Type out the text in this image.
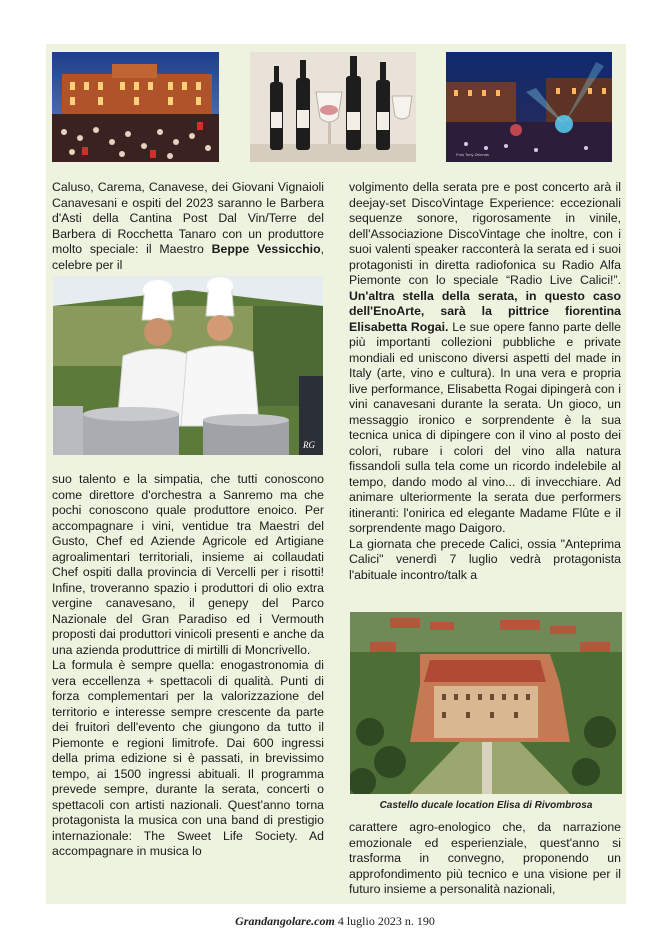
Foto Tony Zeinnas
RG

Caluso, Carema, Canavese, dei Giovani Vignaioli Canavesani e ospiti del 2023 saranno le Barbera d'Asti della Cantina Post Dal Vin/Terre del Barbera di Rocchetta Tanaro con un produttore molto speciale: il Maestro Beppe Vessicchio, celebre per il

suo talento e la simpatia, che tutti conoscono come direttore d'orchestra a Sanremo ma che pochi conoscono quale produttore enoico. Per accompagnare i vini, ventidue tra Maestri del Gusto, Chef ed Aziende Agricole ed Artigiane agroalimentari territoriali, insieme ai collaudati Chef ospiti dalla provincia di Vercelli per i risotti! Infine, troveranno spazio i produttori di olio extra vergine canavesano, il genepy del Parco Nazionale del Gran Paradiso ed i Vermouth proposti dai produttori vinicoli presenti e anche da una azienda produttrice di mirtilli di Moncrivello.

La formula è sempre quella: enogastronomia di vera eccellenza + spettacoli di qualità. Punti di forza complementari per la valorizzazione del territorio e interesse sempre crescente da parte dei fruitori dell'evento che giungono da tutto il Piemonte e regioni limitrofe. Dai 600 ingressi della prima edizione si è passati, in brevissimo tempo, ai 1500 ingressi abituali. Il programma prevede sempre, durante la serata, concerti o spettacoli con artisti nazionali. Quest'anno torna protagonista la musica con una band di prestigio internazionale: The Sweet Life Society. Ad accompagnare in musica lo

volgimento della serata pre e post concerto arà il deejay-set DiscoVintage Experience: eccezionali sequenze sonore, rigorosamente in vinile, dell'Associazione DiscoVintage che inoltre, con i suoi valenti speaker racconterà la serata ed i suoi protagonisti in diretta radiofonica su Radio Alfa Piemonte con lo speciale “Radio Live Calici!”. Un'altra stella della serata, in questo caso dell'EnoArte, sarà la pittrice fiorentina Elisabetta Rogai. Le sue opere fanno parte delle più importanti collezioni pubbliche e private mondiali ed uniscono diversi aspetti del made in Italy (arte, vino e cultura). In una vera e propria live performance, Elisabetta Rogai dipingerà con i vini canavesani durante la serata. Un gioco, un messaggio ironico e sorprendente è la sua tecnica unica di dipingere con il vino al posto dei colori, rubare i colori del vino alla natura fissandoli sulla tela come un ricordo indelebile al tempo, dando modo al vino... di invecchiare. Ad animare ulteriormente la serata due performers itineranti: l'onirica ed elegante Madame Flûte e il sorprendente mago Daigoro.

La giornata che precede Calici, ossia "Anteprima Calici" venerdì 7 luglio vedrà protagonista l'abituale incontro/talk a

Castello ducale location Elisa di Rivombrosa

carattere agro-enologico che, da narrazione emozionale ed esperienziale, quest'anno si trasforma in convegno, proponendo un approfondimento più tecnico e una visione per il futuro insieme a personalità nazionali,

Grandangolare.com 4 luglio 2023 n. 190
